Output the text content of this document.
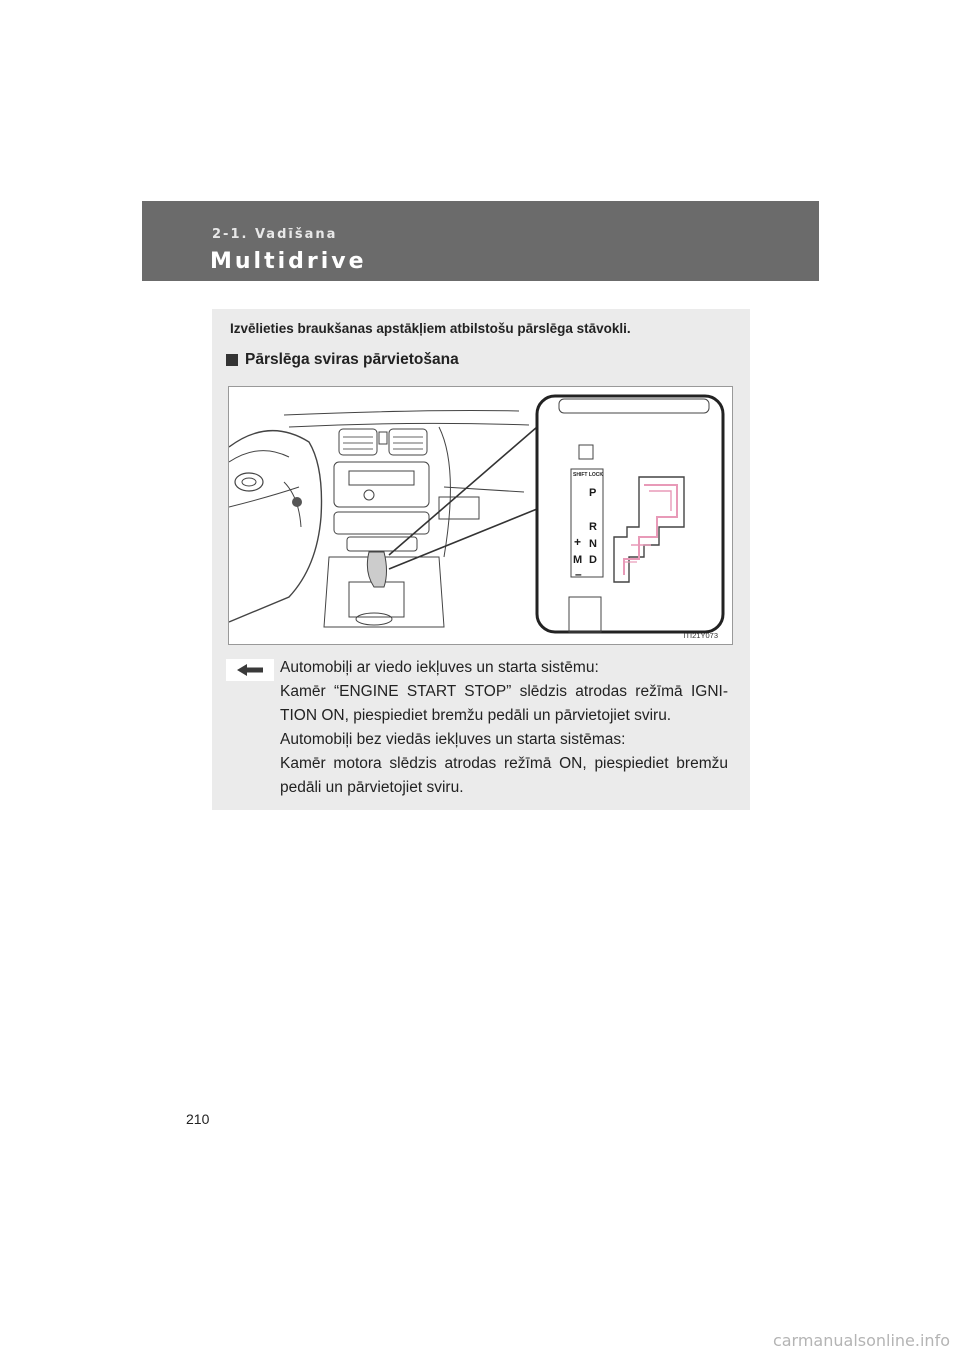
2-1. Vadīšana
Multidrive
Izvēlieties braukšanas apstākļiem atbilstošu pārslēga stāvokli.
Pārslēga sviras pārvietošana
SHIFT LOCK
P
R
N
D
+
M
–
ITI21Y073

Automobiļi ar viedo iekļuves un starta sistēmu:

Kamēr “ENGINE START STOP” slēdzis atrodas režīmā IGNI-TION ON, piespiediet bremžu pedāli un pārvietojiet sviru.

Automobiļi bez viedās iekļuves un starta sistēmas:

Kamēr motora slēdzis atrodas režīmā ON, piespiediet bremžu pedāli un pārvietojiet sviru.

210
carmanualsonline.info
